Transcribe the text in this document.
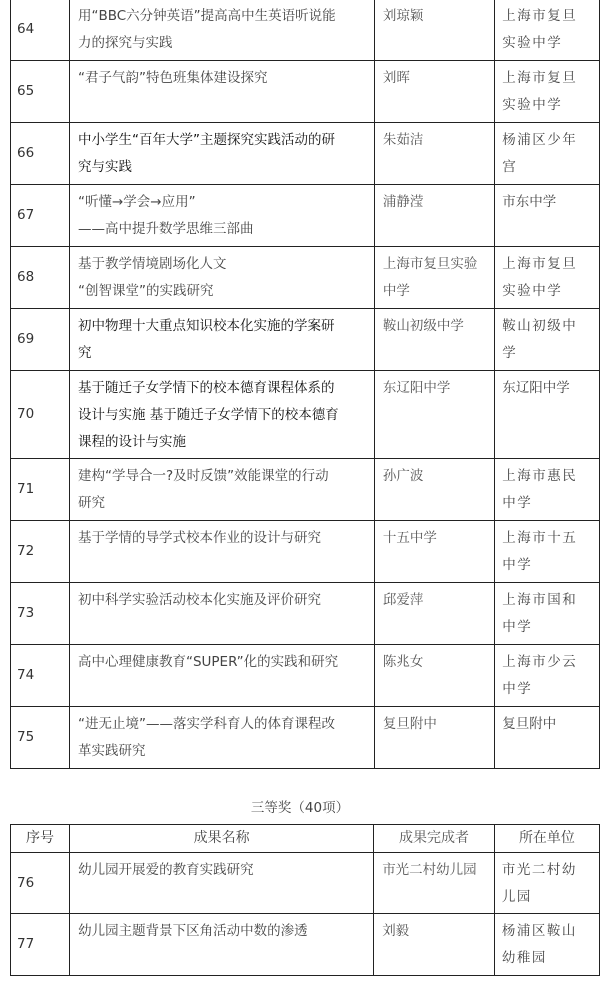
64	用“BBC六分钟英语”提高高中生英语听说能
力的探究与实践	刘琼颖	上海市复旦
实验中学

65	“君子气韵”特色班集体建设探究	刘晖	上海市复旦
实验中学

66	中小学生“百年大学”主题探究实践活动的研
究与实践	朱茹洁	杨浦区少年
宫

67	“听懂→学会→应用”
——高中提升数学思维三部曲	浦静滢	市东中学

68	基于教学情境剧场化人文
“创智课堂”的实践研究	上海市复旦实验
中学	上海市复旦
实验中学

69	初中物理十大重点知识校本化实施的学案研
究	鞍山初级中学	鞍山初级中
学

70	基于随迁子女学情下的校本德育课程体系的
设计与实施 基于随迁子女学情下的校本德育
课程的设计与实施	东辽阳中学	东辽阳中学

71	建构“学导合一?及时反馈”效能课堂的行动
研究	孙广波	上海市惠民
中学

72	基于学情的导学式校本作业的设计与研究	十五中学	上海市十五
中学

73	初中科学实验活动校本化实施及评价研究	邱爱萍	上海市国和
中学

74	高中心理健康教育“SUPER”化的实践和研究	陈兆女	上海市少云
中学

75	“进无止境”——落实学科育人的体育课程改
革实践研究	复旦附中	复旦附中
三等奖（40项）
序号	成果名称	成果完成者	所在单位
76	幼儿园开展爱的教育实践研究	市光二村幼儿园	市光二村幼
儿园

77	幼儿园主题背景下区角活动中数的渗透	刘毅	杨浦区鞍山
幼稚园
